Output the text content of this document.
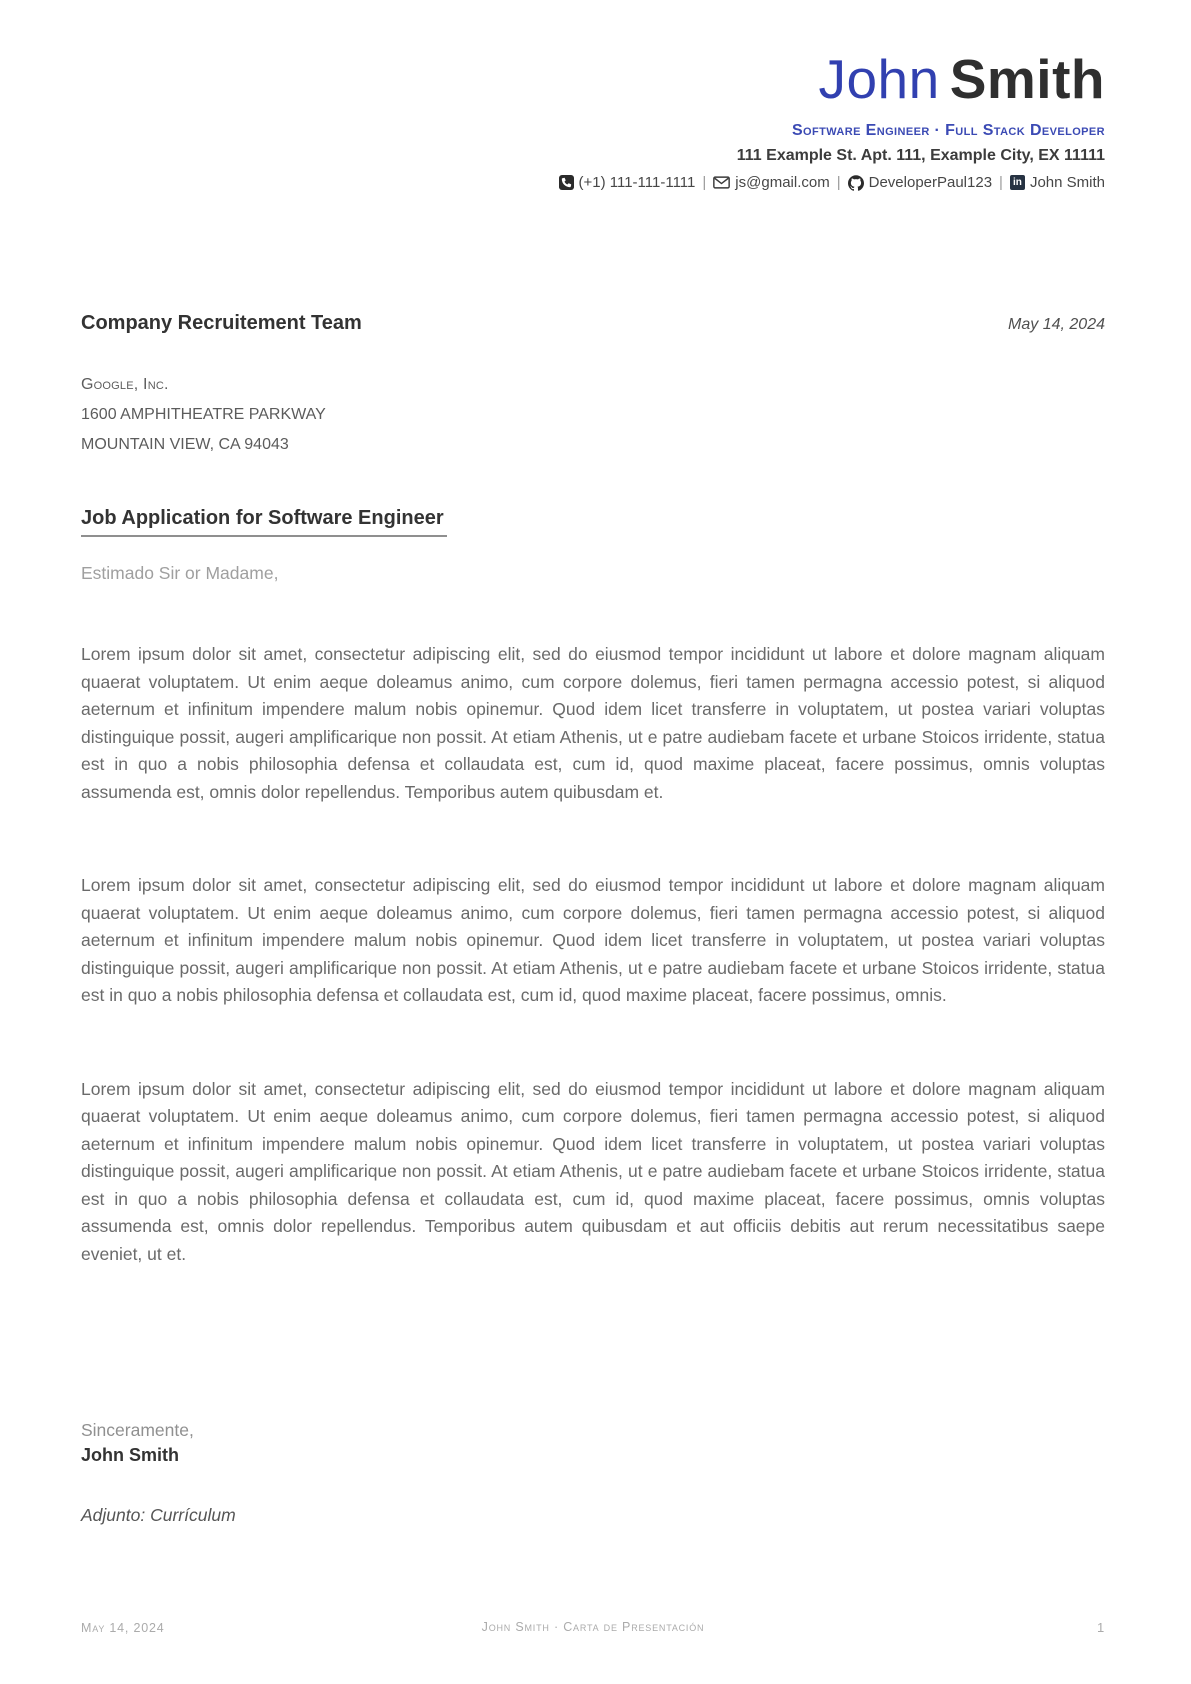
John Smith
Software Engineer · Full Stack Developer
111 Example St. Apt. 111, Example City, EX 11111
(+1) 111-111-1111 | js@gmail.com | DeveloperPaul123 |	in John Smith
Company Recruitement Team	May 14, 2024
Google, Inc.
1600 AMPHITHEATRE PARKWAY
MOUNTAIN VIEW, CA 94043
Job Application for Software Engineer
Estimado Sir or Madame,

Lorem ipsum dolor sit amet, consectetur adipiscing elit, sed do eiusmod tempor incididunt ut labore et dolore magnam aliquam quaerat voluptatem. Ut enim aeque doleamus animo, cum corpore dolemus, fieri tamen permagna accessio potest, si aliquod aeternum et infinitum impendere malum nobis opinemur. Quod idem licet transferre in voluptatem, ut postea variari voluptas distinguique possit, augeri amplificarique non possit. At etiam Athenis, ut e patre audiebam facete et urbane Stoicos irridente, statua est in quo a nobis philosophia defensa et collaudata est, cum id, quod maxime placeat, facere possimus, omnis voluptas assumenda est, omnis dolor repellendus. Temporibus autem quibusdam et.

Lorem ipsum dolor sit amet, consectetur adipiscing elit, sed do eiusmod tempor incididunt ut labore et dolore magnam aliquam quaerat voluptatem. Ut enim aeque doleamus animo, cum corpore dolemus, fieri tamen permagna accessio potest, si aliquod aeternum et infinitum impendere malum nobis opinemur. Quod idem licet transferre in voluptatem, ut postea variari voluptas distinguique possit, augeri amplificarique non possit. At etiam Athenis, ut e patre audiebam facete et urbane Stoicos irridente, statua est in quo a nobis philosophia defensa et collaudata est, cum id, quod maxime placeat, facere possimus, omnis.

Lorem ipsum dolor sit amet, consectetur adipiscing elit, sed do eiusmod tempor incididunt ut labore et dolore magnam aliquam quaerat voluptatem. Ut enim aeque doleamus animo, cum corpore dolemus, fieri tamen permagna accessio potest, si aliquod aeternum et infinitum impendere malum nobis opinemur. Quod idem licet transferre in voluptatem, ut postea variari voluptas distinguique possit, augeri amplificarique non possit. At etiam Athenis, ut e patre audiebam facete et urbane Stoicos irridente, statua est in quo a nobis philosophia defensa et collaudata est, cum id, quod maxime placeat, facere possimus, omnis voluptas assumenda est, omnis dolor repellendus. Temporibus autem quibusdam et aut officiis debitis aut rerum necessitatibus saepe eveniet, ut et.

Sinceramente,
John Smith
Adjunto: Currículum
May 14, 2024	John Smith · Carta de Presentación	1
